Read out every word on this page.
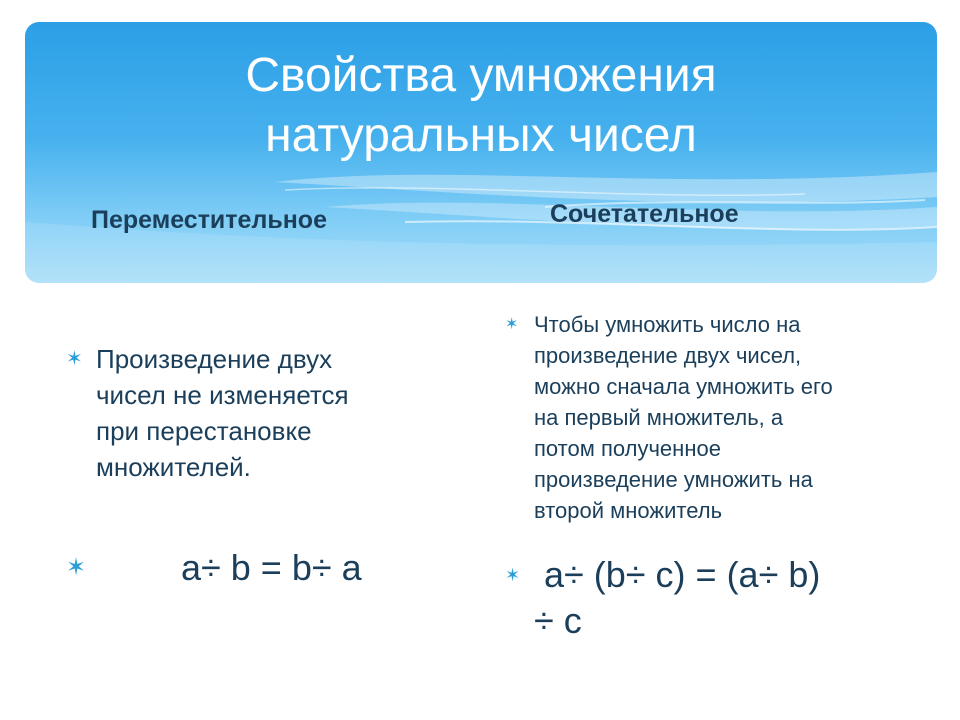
Свойства умножения
натуральных чисел
Переместительное	Сочетательное
✶ Произведение двух
чисел не изменяется
при перестановке
множителей.
✶	a÷ b = b÷ a
✶ Чтобы умножить число на
произведение двух чисел,
можно сначала умножить его
на первый множитель, а
потом полученное
произведение умножить на
второй множитель
✶ a÷ (b÷ c) = (a÷ b)
÷ c
